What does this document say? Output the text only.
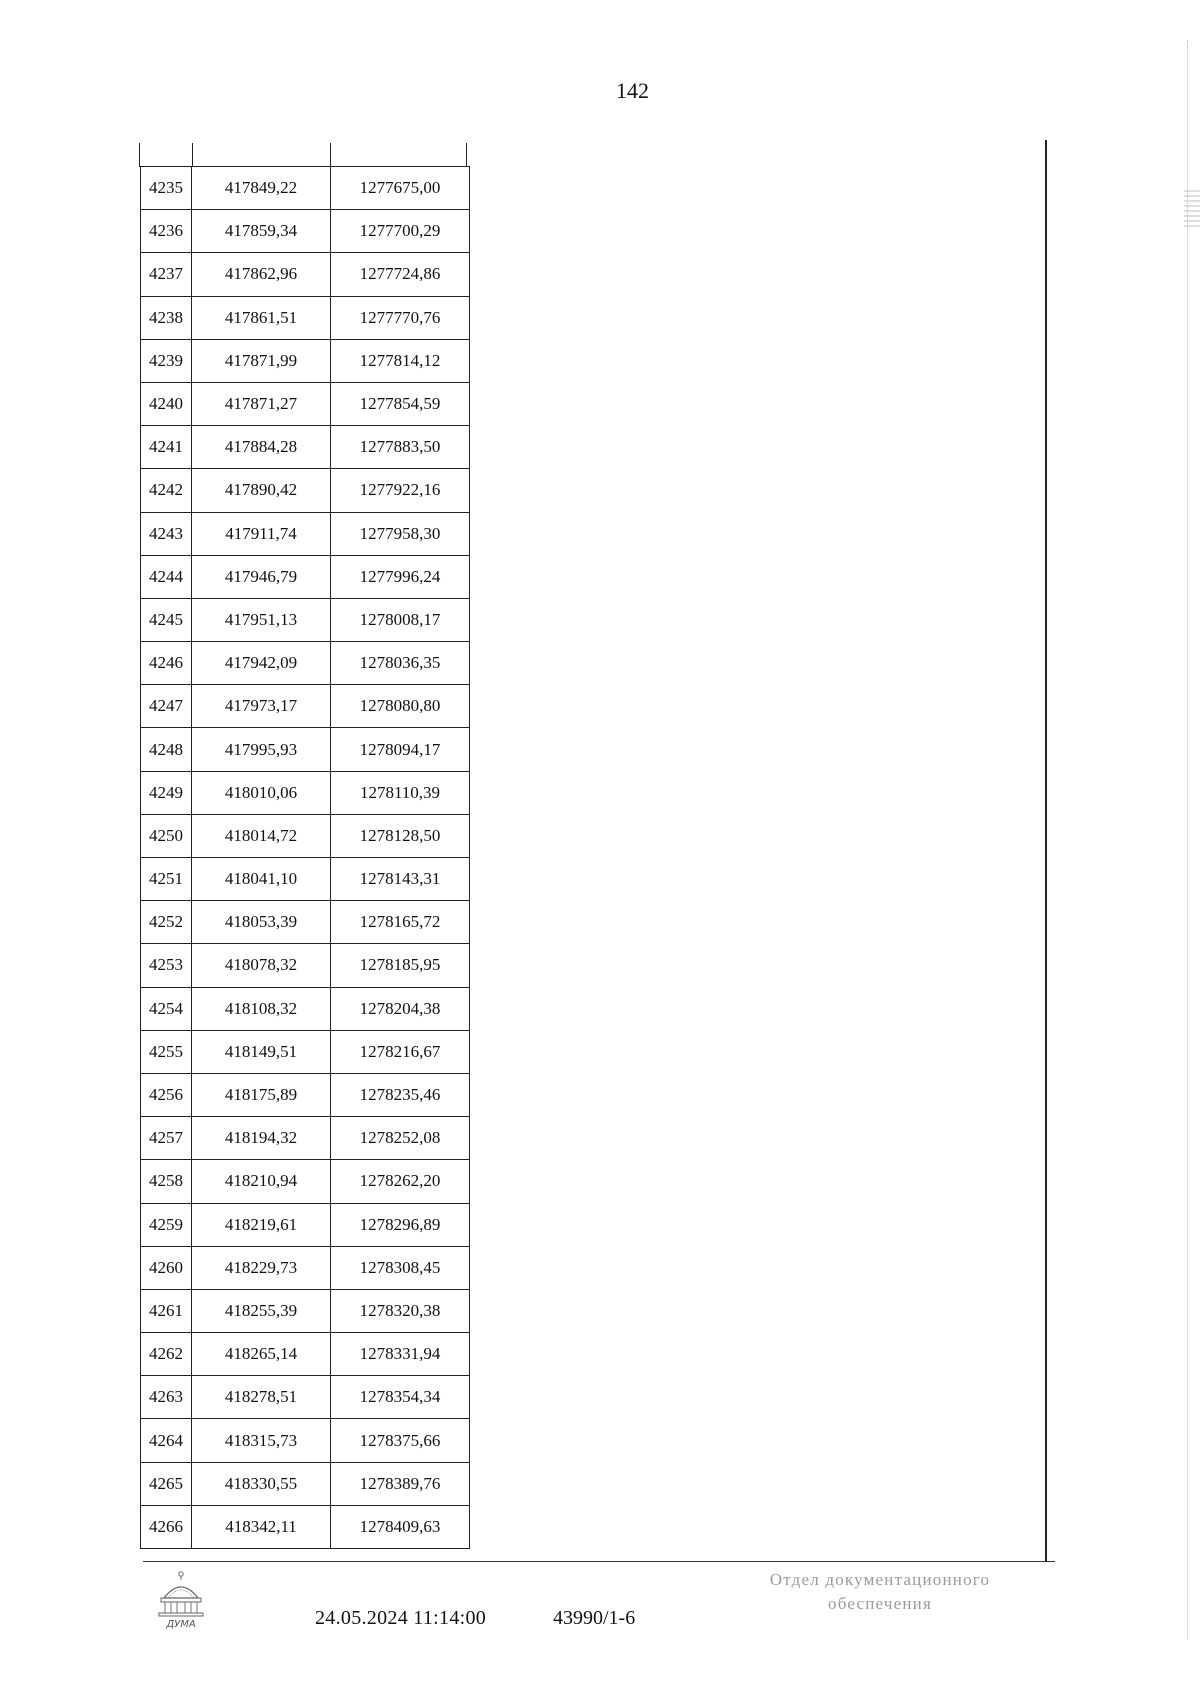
142
4235	417849,22	1277675,00
4236	417859,34	1277700,29
4237	417862,96	1277724,86
4238	417861,51	1277770,76
4239	417871,99	1277814,12
4240	417871,27	1277854,59
4241	417884,28	1277883,50
4242	417890,42	1277922,16
4243	417911,74	1277958,30
4244	417946,79	1277996,24
4245	417951,13	1278008,17
4246	417942,09	1278036,35
4247	417973,17	1278080,80
4248	417995,93	1278094,17
4249	418010,06	1278110,39
4250	418014,72	1278128,50
4251	418041,10	1278143,31
4252	418053,39	1278165,72
4253	418078,32	1278185,95
4254	418108,32	1278204,38
4255	418149,51	1278216,67
4256	418175,89	1278235,46
4257	418194,32	1278252,08
4258	418210,94	1278262,20
4259	418219,61	1278296,89
4260	418229,73	1278308,45
4261	418255,39	1278320,38
4262	418265,14	1278331,94
4263	418278,51	1278354,34
4264	418315,73	1278375,66
4265	418330,55	1278389,76
4266	418342,11	1278409,63
ДУМА	24.05.2024 11:14:00	43990/1-6
Отдел документационного
обеспечения
